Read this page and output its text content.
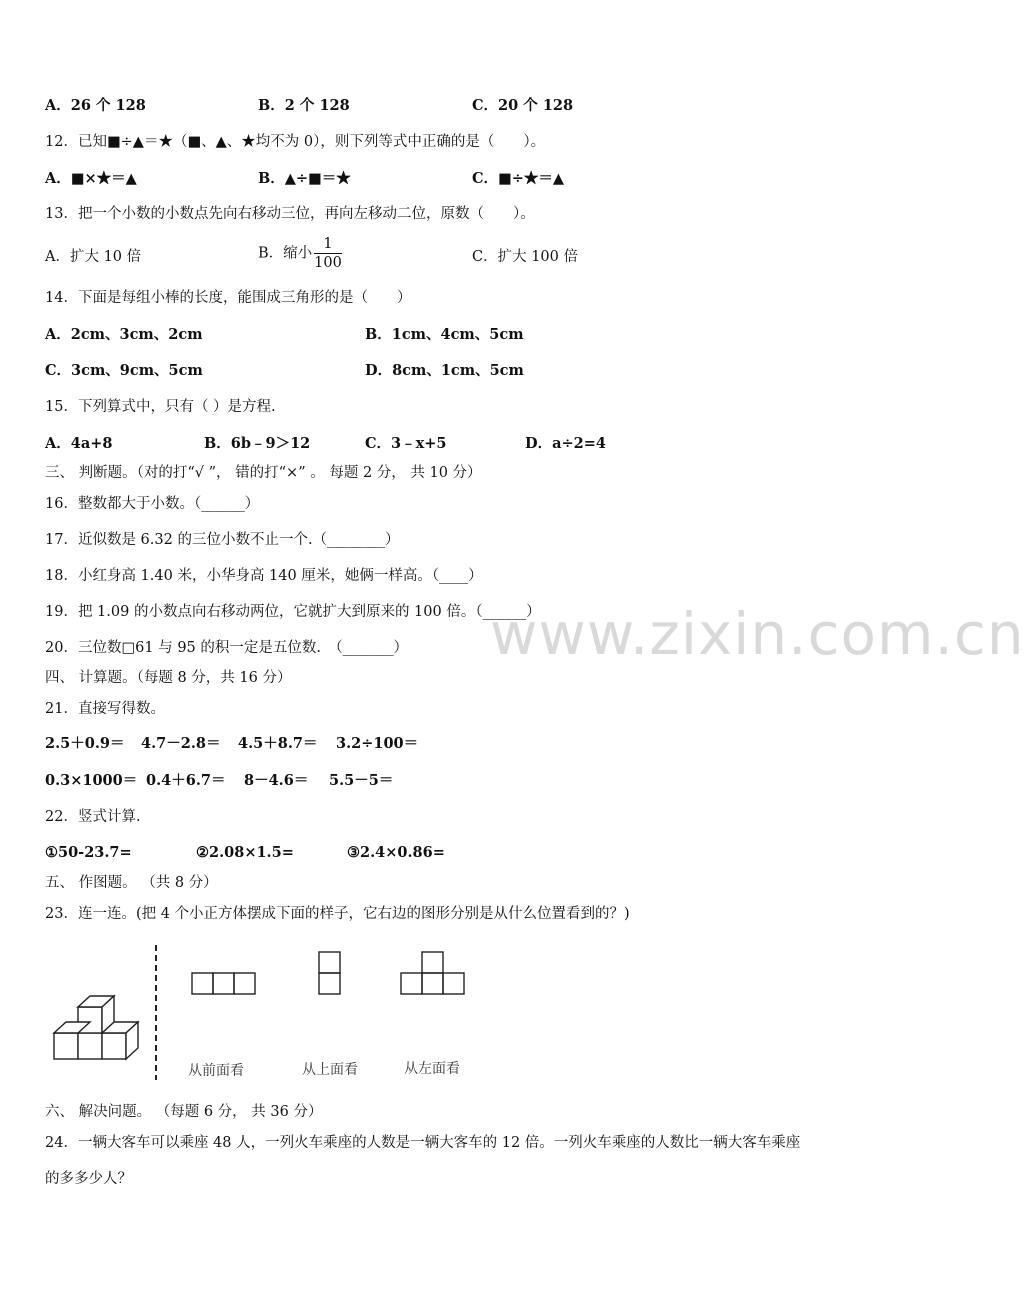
www.zixin.com.cn
A．26 个 128	B．2 个 128	C．20 个 128
12．已知■÷▲＝★（■、▲、★均不为 0），则下列等式中正确的是（　　）。
A．■×★＝▲	B．▲÷■＝★	C．■÷★＝▲
13．把一个小数的小数点先向右移动三位，再向左移动二位，原数（　　）。
A．扩大 10 倍	B．缩小 $\frac{1}{100}$	C．扩大 100 倍
14．下面是每组小棒的长度，能围成三角形的是（　　）
A．2cm、3cm、2cm	B．1cm、4cm、5cm
C．3cm、9cm、5cm	D．8cm、1cm、5cm
15．下列算式中，只有（ ）是方程.
A．4a+8	B．6b﹣9＞12	C．3﹣x+5	D．a÷2=4
三、 判断题。（对的打“√ ”， 错的打“×” 。 每题 2 分， 共 10 分）
16．整数都大于小数。（______）
17．近似数是 6.32 的三位小数不止一个.（________）
18．小红身高 1.40 米，小华身高 140 厘米，她俩一样高。（____）
19．把 1.09 的小数点向右移动两位，它就扩大到原来的 100 倍。（______）
20．三位数□61 与 95 的积一定是五位数.　（_______）
四、 计算题。（每题 8 分，共 16 分）
21．直接写得数。
2.5＋0.9＝ 4.7－2.8＝ 4.5＋8.7＝ 3.2÷100＝
0.3×1000＝ 0.4＋6.7＝ 8－4.6＝ 5.5－5＝
22．竖式计算.
①50-23.7=	②2.08×1.5=	③2.4×0.86=
五、 作图题。 （共 8 分）
23．连一连。(把 4 个小正方体摆成下面的样子，它右边的图形分别是从什么位置看到的？)
从前面看	从上面看	从左面看
六、 解决问题。 （每题 6 分， 共 36 分）
24．一辆大客车可以乘座 48 人，一列火车乘座的人数是一辆大客车的 12 倍。一列火车乘座的人数比一辆大客车乘座
的多多少人？
